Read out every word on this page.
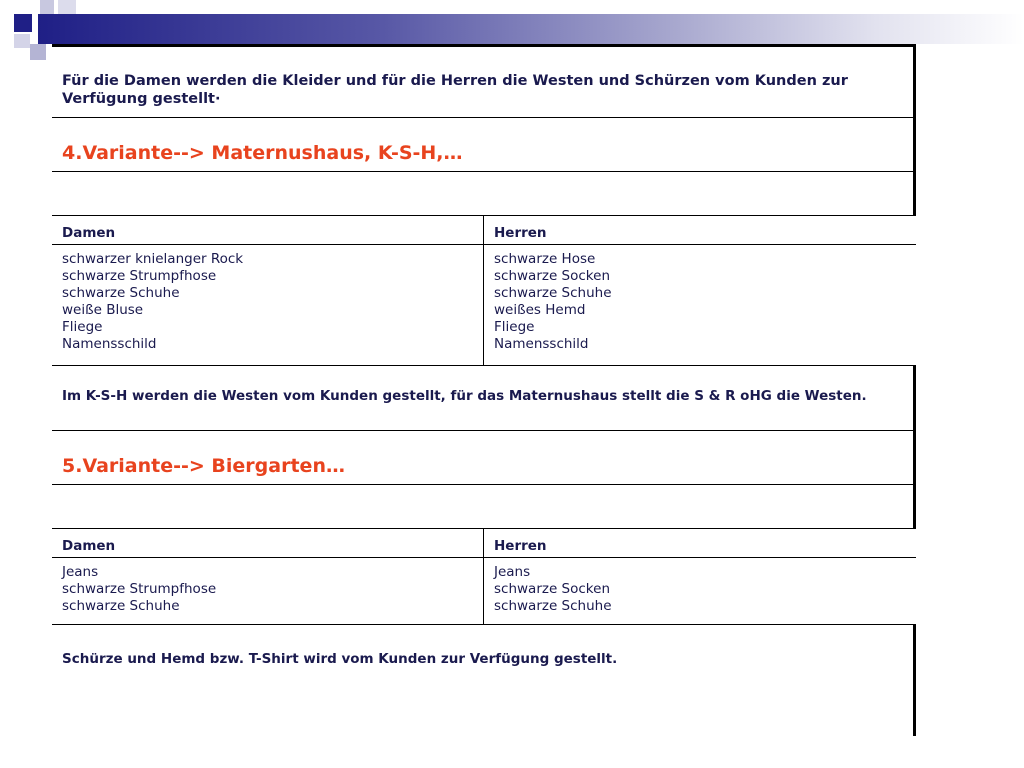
Für die Damen werden die Kleider und für die Herren die Westen und Schürzen vom Kunden zur Verfügung gestellt·
4.Variante--> Maternushaus, K-S-H,…
Damen	Herren
schwarzer knielanger Rock
schwarze Strumpfhose
schwarze Schuhe
weiße Bluse
Fliege
Namensschild
schwarze Hose
schwarze Socken
schwarze Schuhe
weißes Hemd
Fliege
Namensschild
Im K-S-H werden die Westen vom Kunden gestellt, für das Maternushaus stellt die S & R oHG die Westen.
5.Variante--> Biergarten…
Damen	Herren
Jeans
schwarze Strumpfhose
schwarze Schuhe
Jeans
schwarze Socken
schwarze Schuhe
Schürze und Hemd bzw. T-Shirt wird vom Kunden zur Verfügung gestellt.
